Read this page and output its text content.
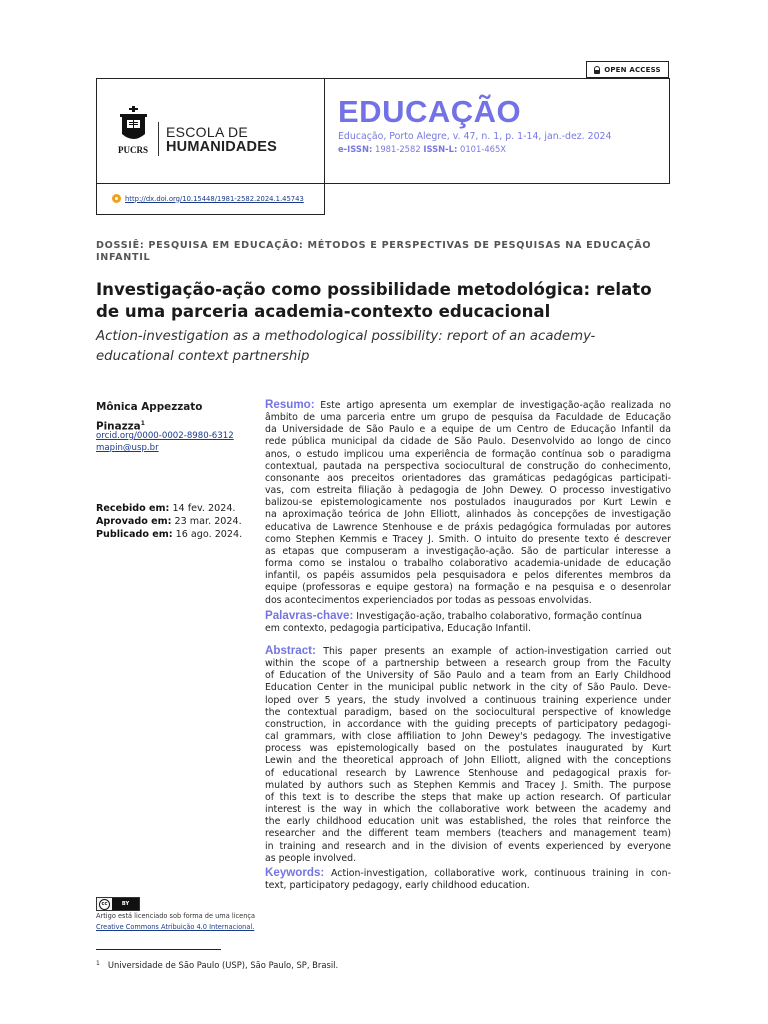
OPEN ACCESS
http://dx.doi.org/10.15448/1981-2582.2024.1.45743
ESCOLA DE
HUMANIDADES
PUCRS
EDUCAÇÃO
Educação, Porto Alegre, v. 47, n. 1, p. 1-14, jan.-dez. 2024
e-ISSN: 1981-2582 ISSN-L: 0101-465X
DOSSIÊ: PESQUISA EM EDUCAÇÃO: MÉTODOS E PERSPECTIVAS DE PESQUISAS NA EDUCAÇÃO INFANTIL
Investigação-ação como possibilidade metodológica: relato de uma parceria academia-contexto educacional
Action-investigation as a methodological possibility: report of an academy-educational context partnership
Mônica Appezzato Pinazza$^1$
orcid.org/0000-0002-8980-6312
mapin@usp.br
Recebido em: 14 fev. 2024.
Aprovado em: 23 mar. 2024.
Publicado em: 16 ago. 2024.
cc	BY
Artigo está licenciado sob forma de uma licença
Creative Commons Atribuição 4.0 Internacional.
$^1$ Universidade de São Paulo (USP), São Paulo, SP, Brasil.
Resumo: Este artigo apresenta um exemplar de investigação-ação realizada no
âmbito de uma parceria entre um grupo de pesquisa da Faculdade de Educação
da Universidade de São Paulo e a equipe de um Centro de Educação Infantil da
rede pública municipal da cidade de São Paulo. Desenvolvido ao longo de cinco
anos, o estudo implicou uma experiência de formação contínua sob o paradigma
contextual, pautada na perspectiva sociocultural de construção do conhecimento,
consonante aos preceitos orientadores das gramáticas pedagógicas participati-
vas, com estreita filiação à pedagogia de John Dewey. O processo investigativo
balizou-se epistemologicamente nos postulados inaugurados por Kurt Lewin e
na aproximação teórica de John Elliott, alinhados às concepções de investigação
educativa de Lawrence Stenhouse e de práxis pedagógica formuladas por autores
como Stephen Kemmis e Tracey J. Smith. O intuito do presente texto é descrever
as etapas que compuseram a investigação-ação. São de particular interesse a
forma como se instalou o trabalho colaborativo academia-unidade de educação
infantil, os papéis assumidos pela pesquisadora e pelos diferentes membros da
equipe (professoras e equipe gestora) na formação e na pesquisa e o desenrolar
dos acontecimentos experienciados por todas as pessoas envolvidas.
Palavras-chave: Investigação-ação, trabalho colaborativo, formação contínua
em contexto, pedagogia participativa, Educação Infantil.
Abstract: This paper presents an example of action-investigation carried out
within the scope of a partnership between a research group from the Faculty
of Education of the University of São Paulo and a team from an Early Childhood
Education Center in the municipal public network in the city of São Paulo. Deve-
loped over 5 years, the study involved a continuous training experience under
the contextual paradigm, based on the sociocultural perspective of knowledge
construction, in accordance with the guiding precepts of participatory pedagogi-
cal grammars, with close affiliation to John Dewey's pedagogy. The investigative
process was epistemologically based on the postulates inaugurated by Kurt
Lewin and the theoretical approach of John Elliott, aligned with the conceptions
of educational research by Lawrence Stenhouse and pedagogical praxis for-
mulated by authors such as Stephen Kemmis and Tracey J. Smith. The purpose
of this text is to describe the steps that make up action research. Of particular
interest is the way in which the collaborative work between the academy and
the early childhood education unit was established, the roles that reinforce the
researcher and the different team members (teachers and management team)
in training and research and in the division of events experienced by everyone
as people involved.
Keywords: Action-investigation, collaborative work, continuous training in con-
text, participatory pedagogy, early childhood education.
